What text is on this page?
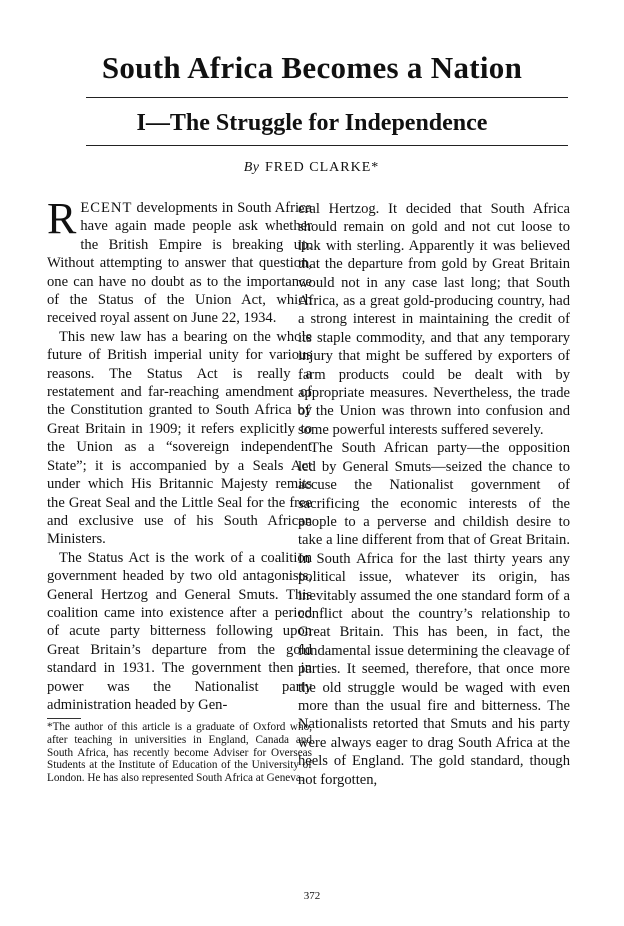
South Africa Becomes a Nation
I—The Struggle for Independence
By FRED CLARKE*

RECENT developments in South Africa have again made people ask whether the British Empire is breaking up. Without attempting to answer that question, one can have no doubt as to the importance of the Status of the Union Act, which received royal assent on June 22, 1934.

This new law has a bearing on the whole future of British imperial unity for various reasons. The Status Act is really a restatement and far-reaching amendment of the Constitution granted to South Africa by Great Britain in 1909; it refers explicitly to the Union as a “sovereign independent State”; it is accompanied by a Seals Act under which His Britannic Majesty remits the Great Seal and the Little Seal for the free and exclusive use of his South African Ministers.

The Status Act is the work of a coalition government headed by two old antagonists, General Hertzog and General Smuts. This coalition came into existence after a period of acute party bitterness following upon Great Britain’s departure from the gold standard in 1931. The government then in power was the Nationalist party administration headed by Gen-

*The author of this article is a graduate of Oxford who, after teaching in universities in England, Canada and South Africa, has recently become Adviser for Overseas Students at the Institute of Education of the University of London. He has also represented South Africa at Geneva.

eral Hertzog. It decided that South Africa should remain on gold and not cut loose to link with sterling. Apparently it was believed that the departure from gold by Great Britain would not in any case last long; that South Africa, as a great gold-producing country, had a strong interest in maintaining the credit of its staple commodity, and that any temporary injury that might be suffered by exporters of farm products could be dealt with by appropriate measures. Nevertheless, the trade of the Union was thrown into confusion and some powerful interests suffered severely.

The South African party—the opposition led by General Smuts—seized the chance to accuse the Nationalist government of sacrificing the economic interests of the people to a perverse and childish desire to take a line different from that of Great Britain. In South Africa for the last thirty years any political issue, whatever its origin, has inevitably assumed the one standard form of a conflict about the country’s relationship to Great Britain. This has been, in fact, the fundamental issue determining the cleavage of parties. It seemed, therefore, that once more the old struggle would be waged with even more than the usual fire and bitterness. The Nationalists retorted that Smuts and his party were always eager to drag South Africa at the heels of England. The gold standard, though not forgotten,

372
